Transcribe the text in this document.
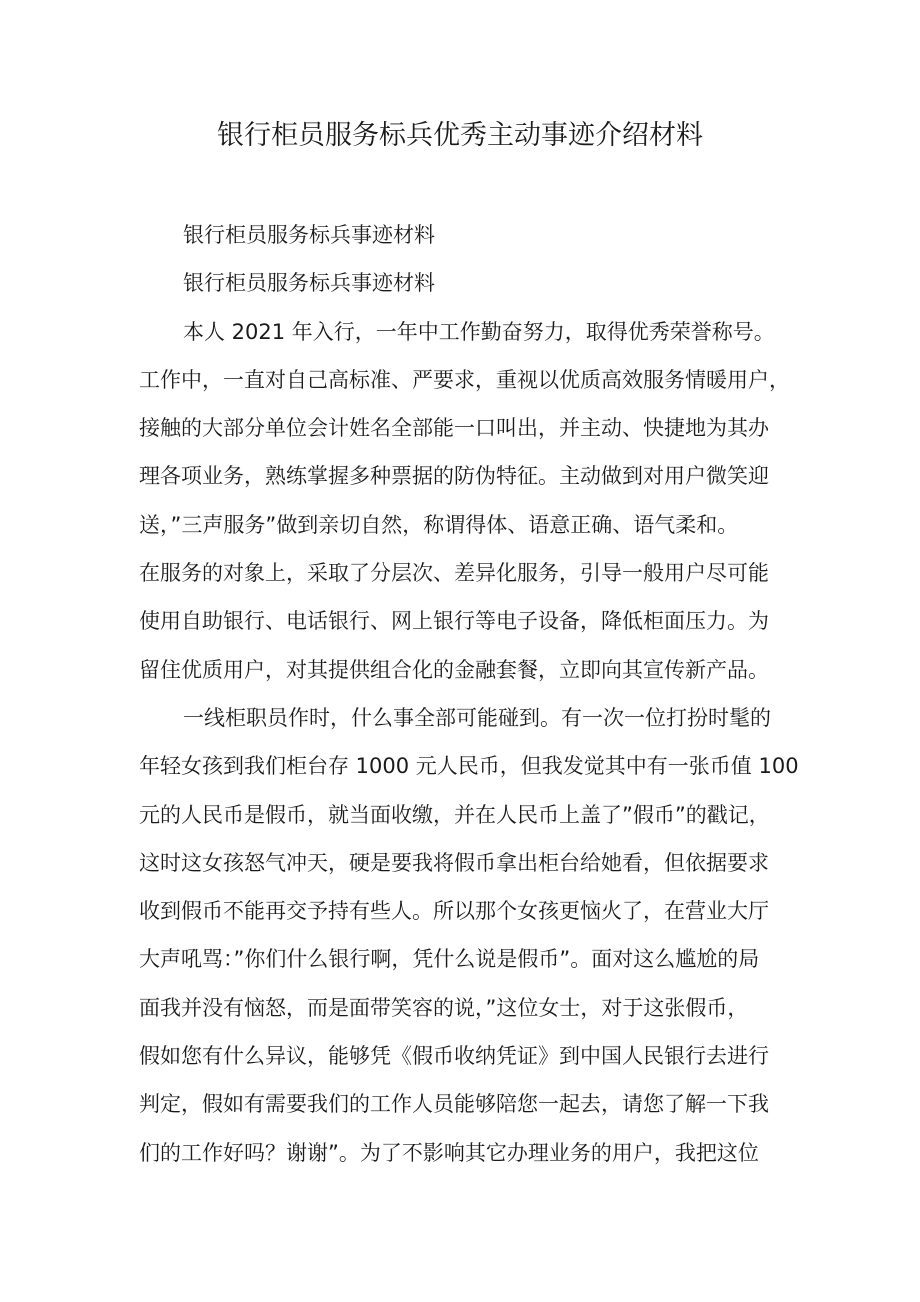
银行柜员服务标兵优秀主动事迹介绍材料
银行柜员服务标兵事迹材料
银行柜员服务标兵事迹材料
本人 2021 年入行，一年中工作勤奋努力，取得优秀荣誉称号。
工作中，一直对自己高标准、严要求，重视以优质高效服务情暖用户，
接触的大部分单位会计姓名全部能一口叫出，并主动、快捷地为其办
理各项业务，熟练掌握多种票据的防伪特征。主动做到对用户微笑迎
送，”三声服务”做到亲切自然，称谓得体、语意正确、语气柔和。
在服务的对象上，采取了分层次、差异化服务，引导一般用户尽可能
使用自助银行、电话银行、网上银行等电子设备，降低柜面压力。为
留住优质用户，对其提供组合化的金融套餐，立即向其宣传新产品。
一线柜职员作时，什么事全部可能碰到。有一次一位打扮时髦的
年轻女孩到我们柜台存 1000 元人民币，但我发觉其中有一张币值 100
元的人民币是假币，就当面收缴，并在人民币上盖了”假币”的戳记，
这时这女孩怒气冲天，硬是要我将假币拿出柜台给她看，但依据要求
收到假币不能再交予持有些人。所以那个女孩更恼火了，在营业大厅
大声吼骂：”你们什么银行啊，凭什么说是假币”。面对这么尴尬的局
面我并没有恼怒，而是面带笑容的说，”这位女士，对于这张假币，
假如您有什么异议，能够凭《假币收纳凭证》到中国人民银行去进行
判定，假如有需要我们的工作人员能够陪您一起去，请您了解一下我
们的工作好吗？谢谢”。为了不影响其它办理业务的用户，我把这位
